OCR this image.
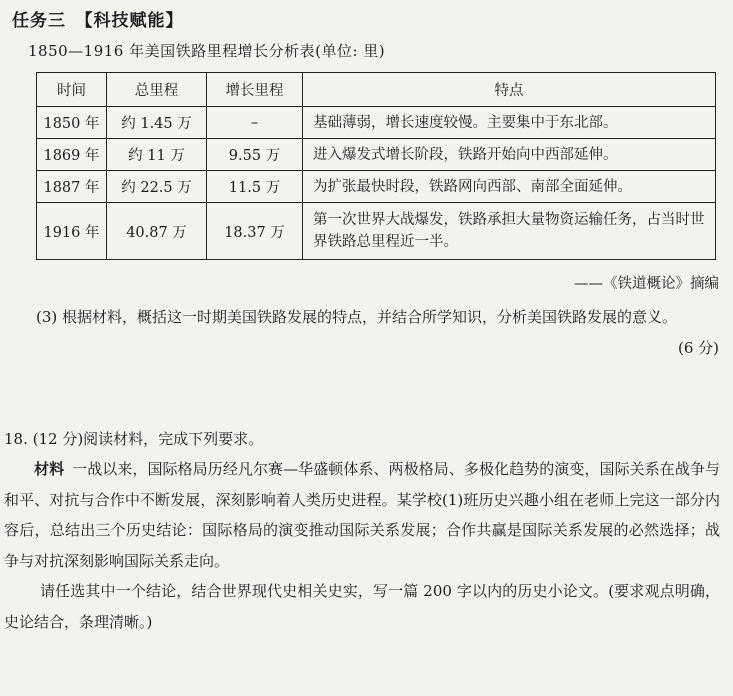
任务三　【科技赋能】
1850—1916 年美国铁路里程增长分析表(单位: 里)
时间	总里程	增长里程	特点
1850 年	约 1.45 万	–	基础薄弱，增长速度较慢。主要集中于东北部。
1869 年	约 11 万	9.55 万	进入爆发式增长阶段，铁路开始向中西部延伸。
1887 年	约 22.5 万	11.5 万	为扩张最快时段，铁路网向西部、南部全面延伸。
1916 年	40.87 万	18.37 万	第一次世界大战爆发，铁路承担大量物资运输任务，占当时世界铁路总里程近一半。
——《铁道概论》摘编
(3) 根据材料，概括这一时期美国铁路发展的特点，并结合所学知识，分析美国铁路发展的意义。
(6 分)
18. (12 分)阅读材料，完成下列要求。
材料 一战以来，国际格局历经凡尔赛—华盛顿体系、两极格局、多极化趋势的演变，国际关系在战争与和平、对抗与合作中不断发展，深刻影响着人类历史进程。某学校(1)班历史兴趣小组在老师上完这一部分内容后，总结出三个历史结论：国际格局的演变推动国际关系发展；合作共赢是国际关系发展的必然选择；战争与对抗深刻影响国际关系走向。
请任选其中一个结论，结合世界现代史相关史实，写一篇 200 字以内的历史小论文。(要求观点明确，史论结合，条理清晰。)
